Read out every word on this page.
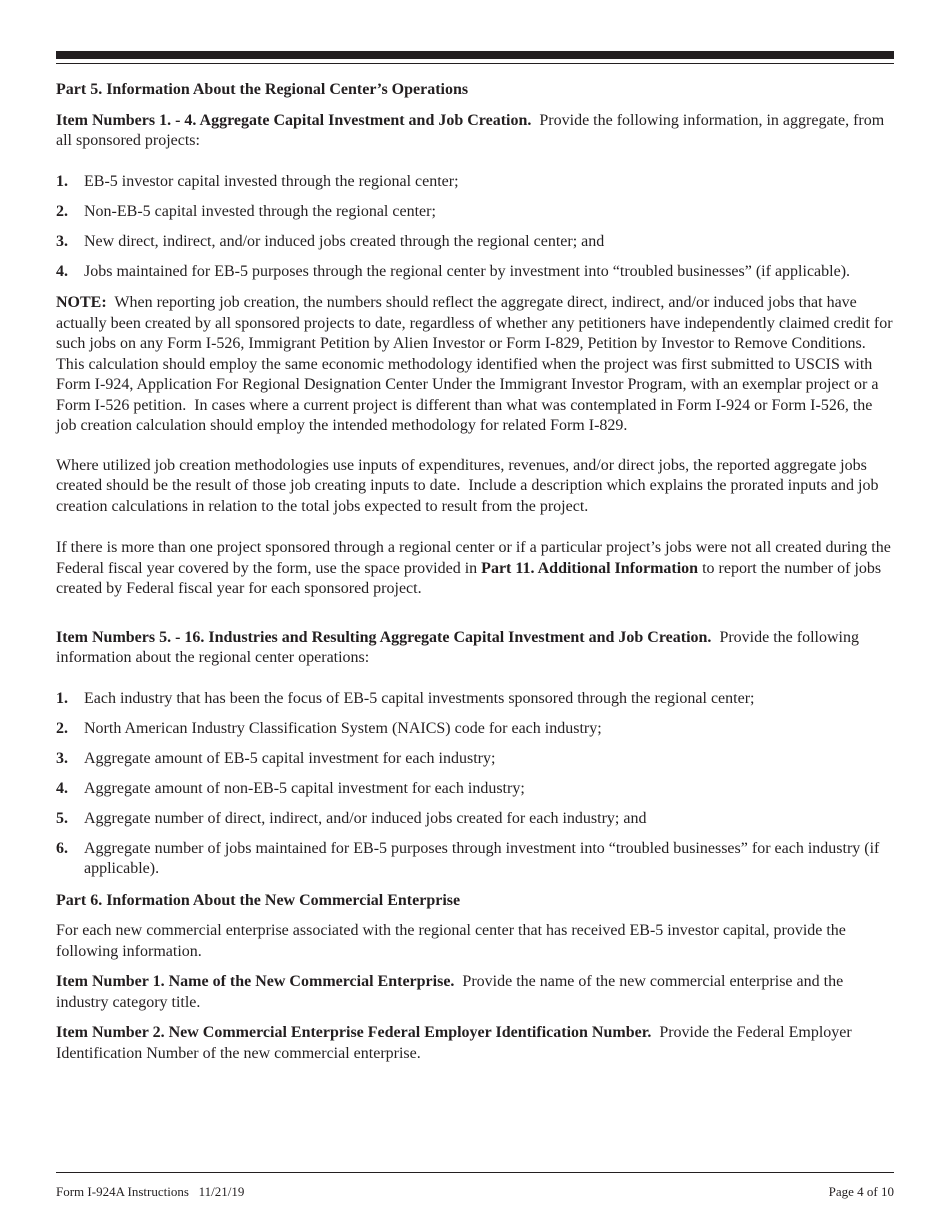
Part 5. Information About the Regional Center’s Operations

Item Numbers 1. - 4. Aggregate Capital Investment and Job Creation.  Provide the following information, in aggregate, from all sponsored projects:

1.	EB-5 investor capital invested through the regional center;
2.	Non-EB-5 capital invested through the regional center;
3.	New direct, indirect, and/or induced jobs created through the regional center; and
4.	Jobs maintained for EB-5 purposes through the regional center by investment into “troubled businesses” (if applicable).

NOTE:  When reporting job creation, the numbers should reflect the aggregate direct, indirect, and/or induced jobs that have actually been created by all sponsored projects to date, regardless of whether any petitioners have independently claimed credit for such jobs on any Form I-526, Immigrant Petition by Alien Investor or Form I-829, Petition by Investor to Remove Conditions.  This calculation should employ the same economic methodology identified when the project was first submitted to USCIS with Form I-924, Application For Regional Designation Center Under the Immigrant Investor Program, with an exemplar project or a Form I-526 petition.  In cases where a current project is different than what was contemplated in Form I-924 or Form I-526, the job creation calculation should employ the intended methodology for related Form I-829.

Where utilized job creation methodologies use inputs of expenditures, revenues, and/or direct jobs, the reported aggregate jobs created should be the result of those job creating inputs to date.  Include a description which explains the prorated inputs and job creation calculations in relation to the total jobs expected to result from the project.

If there is more than one project sponsored through a regional center or if a particular project’s jobs were not all created during the Federal fiscal year covered by the form, use the space provided in Part 11. Additional Information to report the number of jobs created by Federal fiscal year for each sponsored project.

Item Numbers 5. - 16. Industries and Resulting Aggregate Capital Investment and Job Creation.  Provide the following information about the regional center operations:

1.	Each industry that has been the focus of EB-5 capital investments sponsored through the regional center;
2.	North American Industry Classification System (NAICS) code for each industry;
3.	Aggregate amount of EB-5 capital investment for each industry;
4.	Aggregate amount of non-EB-5 capital investment for each industry;
5.	Aggregate number of direct, indirect, and/or induced jobs created for each industry; and
6.	Aggregate number of jobs maintained for EB-5 purposes through investment into “troubled businesses” for each industry (if applicable).

Part 6. Information About the New Commercial Enterprise

For each new commercial enterprise associated with the regional center that has received EB-5 investor capital, provide the following information.

Item Number 1. Name of the New Commercial Enterprise.  Provide the name of the new commercial enterprise and the industry category title.

Item Number 2. New Commercial Enterprise Federal Employer Identification Number.  Provide the Federal Employer Identification Number of the new commercial enterprise.

Form I-924A Instructions   11/21/19	Page 4 of 10
